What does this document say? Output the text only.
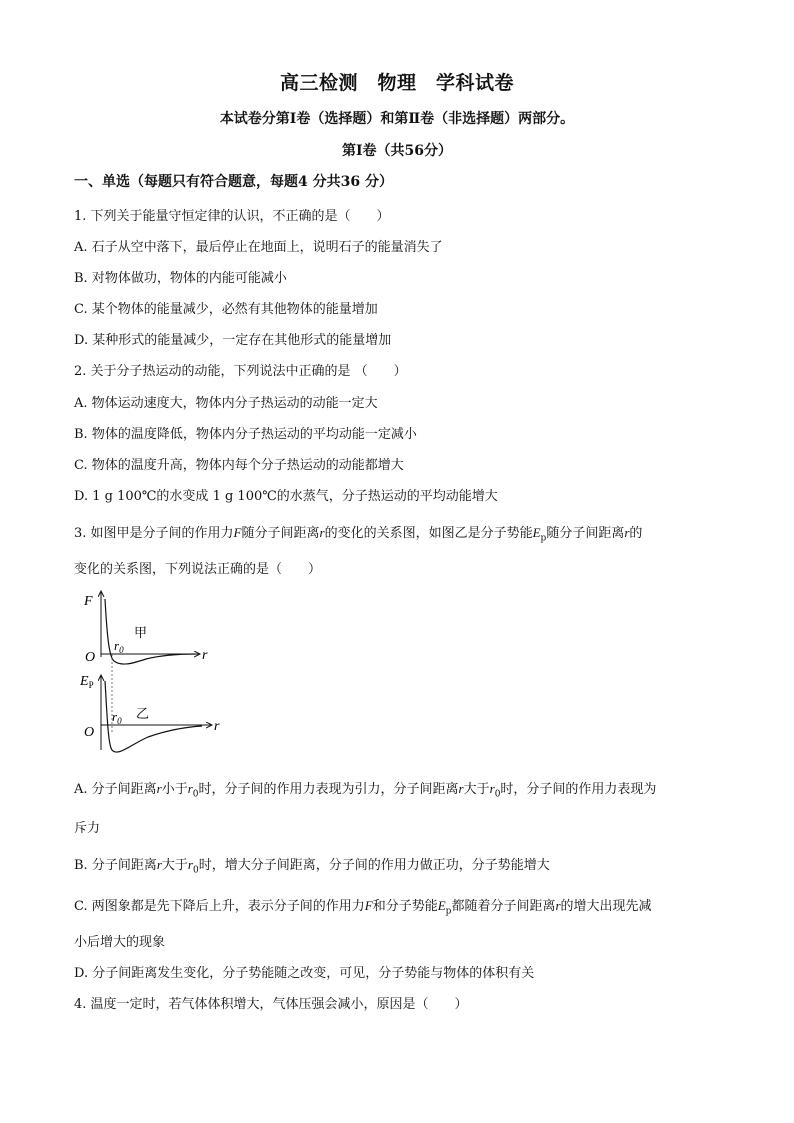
高三检测　物理　学科试卷
本试卷分第Ⅰ卷（选择题）和第Ⅱ卷（非选择题）两部分。
第Ⅰ卷（共56分）
一、单选（每题只有符合题意，每题4 分共36 分）
1. 下列关于能量守恒定律的认识，不正确的是（　　）
A. 石子从空中落下，最后停止在地面上，说明石子的能量消失了
B. 对物体做功，物体的内能可能减小
C. 某个物体的能量减少，必然有其他物体的能量增加
D. 某种形式的能量减少，一定存在其他形式的能量增加
2. 关于分子热运动的动能，下列说法中正确的是 （　　）
A. 物体运动速度大，物体内分子热运动的动能一定大
B. 物体的温度降低，物体内分子热运动的平均动能一定减小
C. 物体的温度升高，物体内每个分子热运动的动能都增大
D. 1 g 100℃的水变成 1 g 100℃的水蒸气，分子热运动的平均动能增大
3. 如图甲是分子间的作用力F随分子间距离r的变化的关系图，如图乙是分子势能$E_p$随分子间距离r的
变化的关系图，下列说法正确的是（　　）
F
O
$r_0$
甲
r
$E_P$
O
$r_0$ 乙
r
A. 分子间距离r小于$r_0$时，分子间的作用力表现为引力，分子间距离r大于$r_0$时，分子间的作用力表现为
斥力
B. 分子间距离r大于$r_0$时，增大分子间距离，分子间的作用力做正功，分子势能增大
C. 两图象都是先下降后上升，表示分子间的作用力F和分子势能$E_p$都随着分子间距离r的增大出现先减
小后增大的现象
D. 分子间距离发生变化，分子势能随之改变，可见，分子势能与物体的体积有关
4. 温度一定时，若气体体积增大，气体压强会减小，原因是（　　）
